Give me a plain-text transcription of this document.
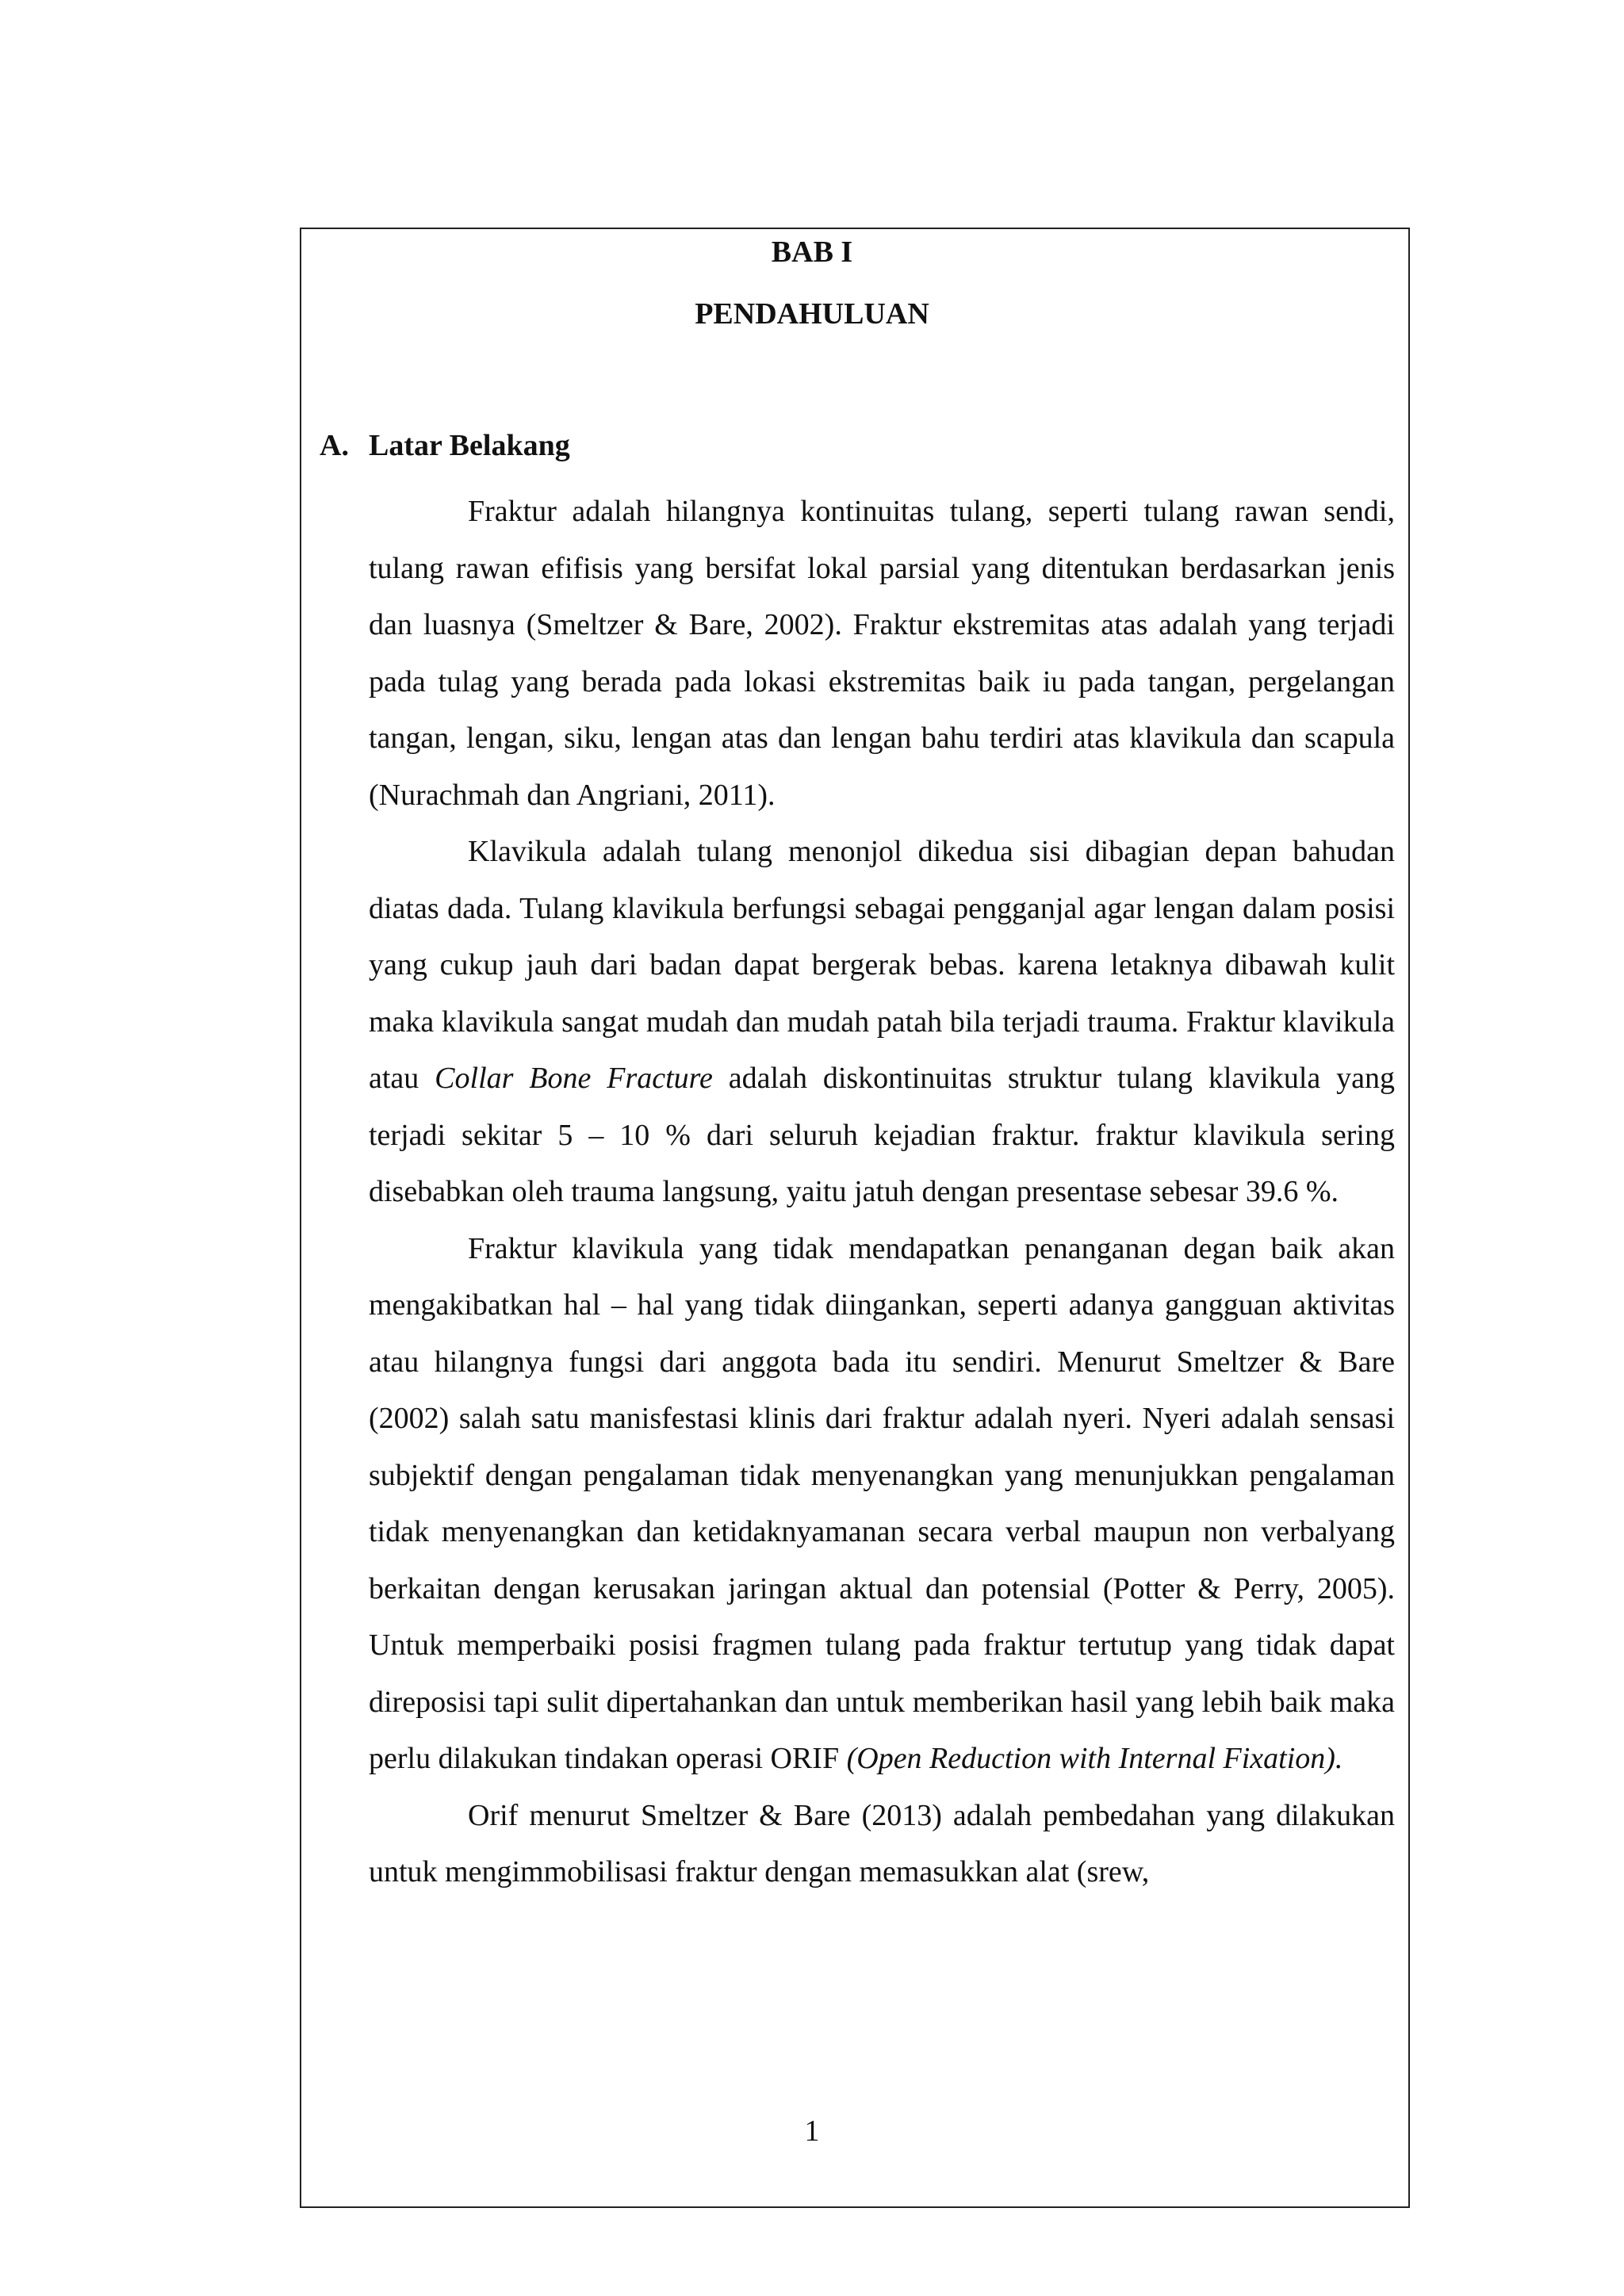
BAB I
PENDAHULUAN
A. Latar Belakang

Fraktur adalah hilangnya kontinuitas tulang, seperti tulang rawan sendi, tulang rawan efifisis yang bersifat lokal parsial yang ditentukan berdasarkan jenis dan luasnya (Smeltzer & Bare, 2002). Fraktur ekstremitas atas adalah yang terjadi pada tulag yang berada pada lokasi ekstremitas baik iu pada tangan, pergelangan tangan, lengan, siku, lengan atas dan lengan bahu terdiri atas klavikula dan scapula (Nurachmah dan Angriani, 2011).

Klavikula adalah tulang menonjol dikedua sisi dibagian depan bahudan diatas dada. Tulang klavikula berfungsi sebagai pengganjal agar lengan dalam posisi yang cukup jauh dari badan dapat bergerak bebas. karena letaknya dibawah kulit maka klavikula sangat mudah dan mudah patah bila terjadi trauma. Fraktur klavikula atau Collar Bone Fracture adalah diskontinuitas struktur tulang klavikula yang terjadi sekitar 5 – 10 % dari seluruh kejadian fraktur. fraktur klavikula sering disebabkan oleh trauma langsung, yaitu jatuh dengan presentase sebesar 39.6 %.

Fraktur klavikula yang tidak mendapatkan penanganan degan baik akan mengakibatkan hal – hal yang tidak diingankan, seperti adanya gangguan aktivitas atau hilangnya fungsi dari anggota bada itu sendiri. Menurut Smeltzer & Bare (2002) salah satu manisfestasi klinis dari fraktur adalah nyeri. Nyeri adalah sensasi subjektif dengan pengalaman tidak menyenangkan yang menunjukkan pengalaman tidak menyenangkan dan ketidaknyamanan secara verbal maupun non verbalyang berkaitan dengan kerusakan jaringan aktual dan potensial (Potter & Perry, 2005). Untuk memperbaiki posisi fragmen tulang pada fraktur tertutup yang tidak dapat direposisi tapi sulit dipertahankan dan untuk memberikan hasil yang lebih baik maka perlu dilakukan tindakan operasi ORIF (Open Reduction with Internal Fixation).

Orif menurut Smeltzer & Bare (2013) adalah pembedahan yang dilakukan untuk mengimmobilisasi fraktur dengan memasukkan alat (srew,

1
